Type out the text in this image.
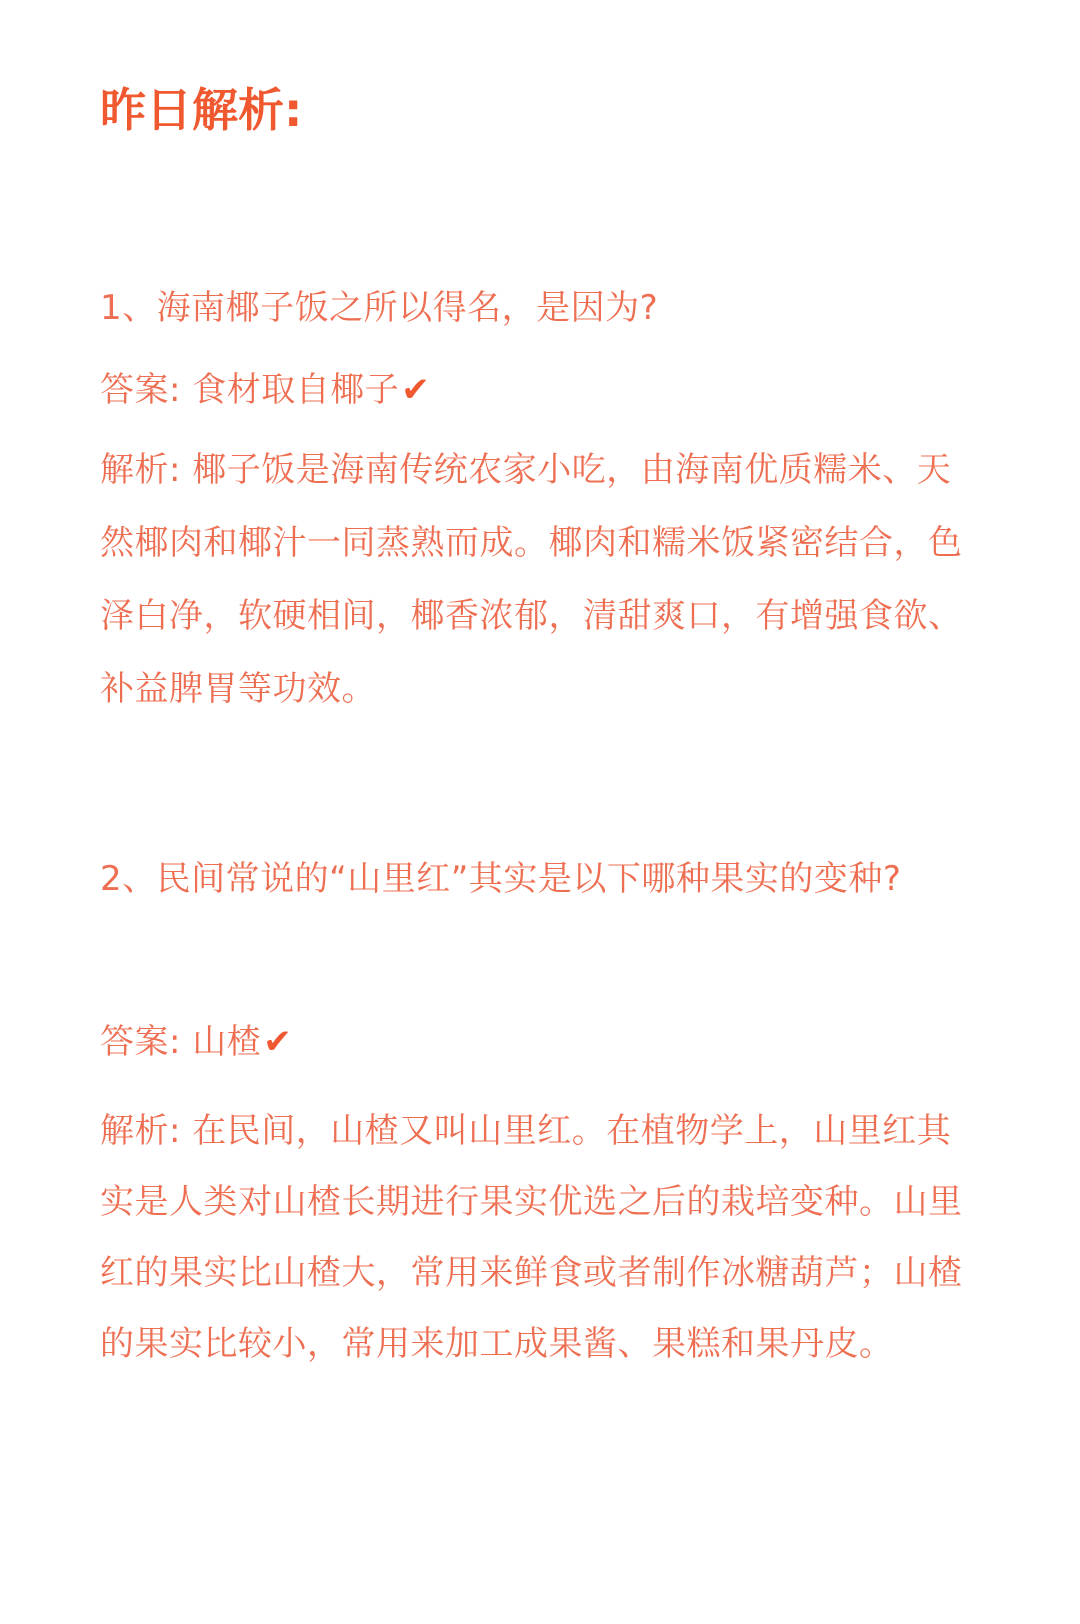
昨日解析:
1、海南椰子饭之所以得名，是因为?
答案: 食材取自椰子✔
解析: 椰子饭是海南传统农家小吃，由海南优质糯米、天然椰肉和椰汁一同蒸熟而成。椰肉和糯米饭紧密结合，色泽白净，软硬相间，椰香浓郁，清甜爽口，有增强食欲、补益脾胃等功效。
2、民间常说的“山里红”其实是以下哪种果实的变种?
答案: 山楂✔
解析: 在民间，山楂又叫山里红。在植物学上，山里红其实是人类对山楂长期进行果实优选之后的栽培变种。山里红的果实比山楂大，常用来鲜食或者制作冰糖葫芦；山楂的果实比较小，常用来加工成果酱、果糕和果丹皮。
